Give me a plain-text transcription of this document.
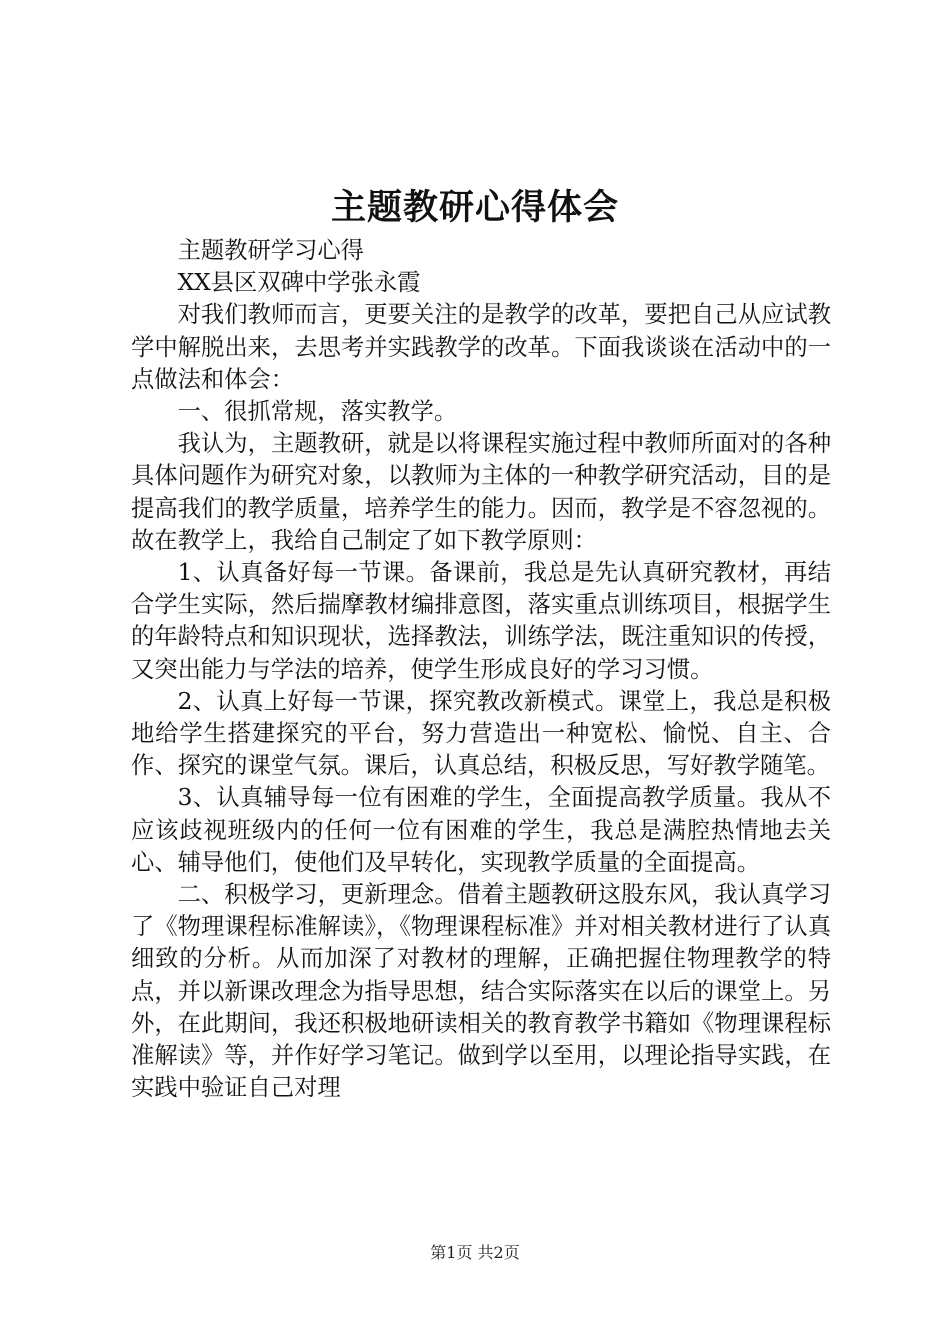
主题教研心得体会

主题教研学习心得

XX县区双碑中学张永霞

对我们教师而言，更要关注的是教学的改革，要把自己从应试教学中解脱出来，去思考并实践教学的改革。下面我谈谈在活动中的一点做法和体会：

一、很抓常规，落实教学。

我认为，主题教研，就是以将课程实施过程中教师所面对的各种具体问题作为研究对象，以教师为主体的一种教学研究活动，目的是提高我们的教学质量，培养学生的能力。因而，教学是不容忽视的。故在教学上，我给自己制定了如下教学原则：

1、认真备好每一节课。备课前，我总是先认真研究教材，再结合学生实际，然后揣摩教材编排意图，落实重点训练项目，根据学生的年龄特点和知识现状，选择教法，训练学法，既注重知识的传授，又突出能力与学法的培养，使学生形成良好的学习习惯。

2、认真上好每一节课，探究教改新模式。课堂上，我总是积极地给学生搭建探究的平台，努力营造出一种宽松、愉悦、自主、合作、探究的课堂气氛。课后，认真总结，积极反思，写好教学随笔。

3、认真辅导每一位有困难的学生，全面提高教学质量。我从不应该歧视班级内的任何一位有困难的学生，我总是满腔热情地去关心、辅导他们，使他们及早转化，实现教学质量的全面提高。

二、积极学习，更新理念。借着主题教研这股东风，我认真学习了《物理课程标准解读》，《物理课程标准》并对相关教材进行了认真细致的分析。从而加深了对教材的理解，正确把握住物理教学的特点，并以新课改理念为指导思想，结合实际落实在以后的课堂上。另外，在此期间，我还积极地研读相关的教育教学书籍如《物理课程标准解读》等，并作好学习笔记。做到学以至用，以理论指导实践，在实践中验证自己对理

第1页 共2页
